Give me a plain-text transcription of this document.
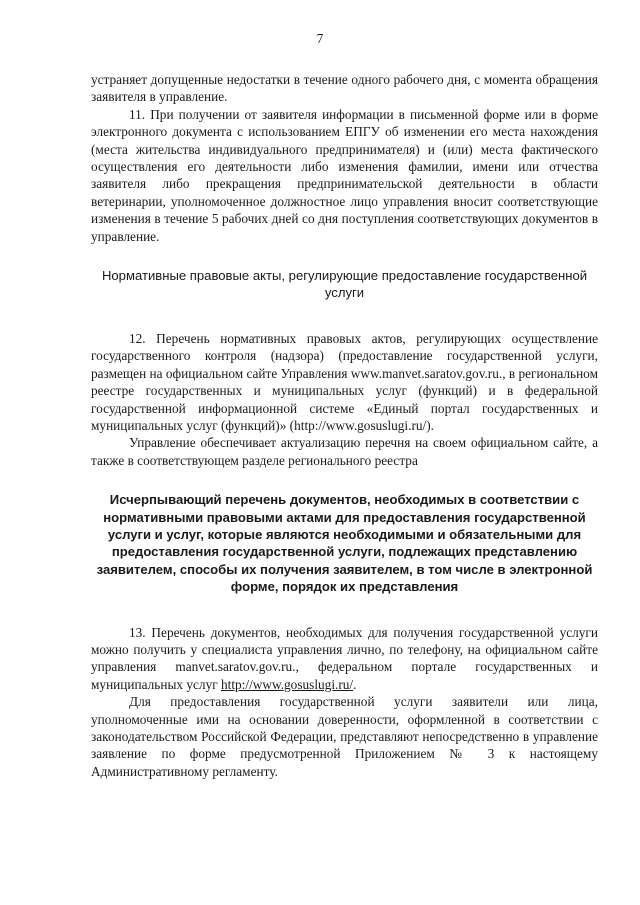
7

устраняет допущенные недостатки в течение одного рабочего дня, с момента обращения заявителя в управление.

11. При получении от заявителя информации в письменной форме или в форме электронного документа с использованием ЕПГУ об изменении его места нахождения (места жительства индивидуального предпринимателя) и (или) места фактического осуществления его деятельности либо изменения фамилии, имени или отчества заявителя либо прекращения предпринимательской деятельности в области ветеринарии, уполномоченное должностное лицо управления вносит соответствующие изменения в течение 5 рабочих дней со дня поступления соответствующих документов в управление.

Нормативные правовые акты, регулирующие предоставление государственной услуги

12. Перечень нормативных правовых актов, регулирующих осуществление государственного контроля (надзора) (предоставление государственной услуги, размещен на официальном сайте Управления www.manvet.saratov.gov.ru., в региональном реестре государственных и муниципальных услуг (функций) и в федеральной государственной информационной системе «Единый портал государственных и муниципальных услуг (функций)» (http://www.gosuslugi.ru/).

Управление обеспечивает актуализацию перечня на своем официальном сайте, а также в соответствующем разделе регионального реестра

Исчерпывающий перечень документов, необходимых в соответствии с нормативными правовыми актами для предоставления государственной услуги и услуг, которые являются необходимыми и обязательными для предоставления государственной услуги, подлежащих представлению заявителем, способы их получения заявителем, в том числе в электронной форме, порядок их представления

13. Перечень документов, необходимых для получения государственной услуги можно получить у специалиста управления лично, по телефону, на официальном сайте управления manvet.saratov.gov.ru., федеральном портале государственных и муниципальных услуг http://www.gosuslugi.ru/.

Для предоставления государственной услуги заявители или лица, уполномоченные ими на основании доверенности, оформленной в соответствии с законодательством Российской Федерации, представляют непосредственно в управление заявление по форме предусмотренной Приложением № 3 к настоящему Административному регламенту.
